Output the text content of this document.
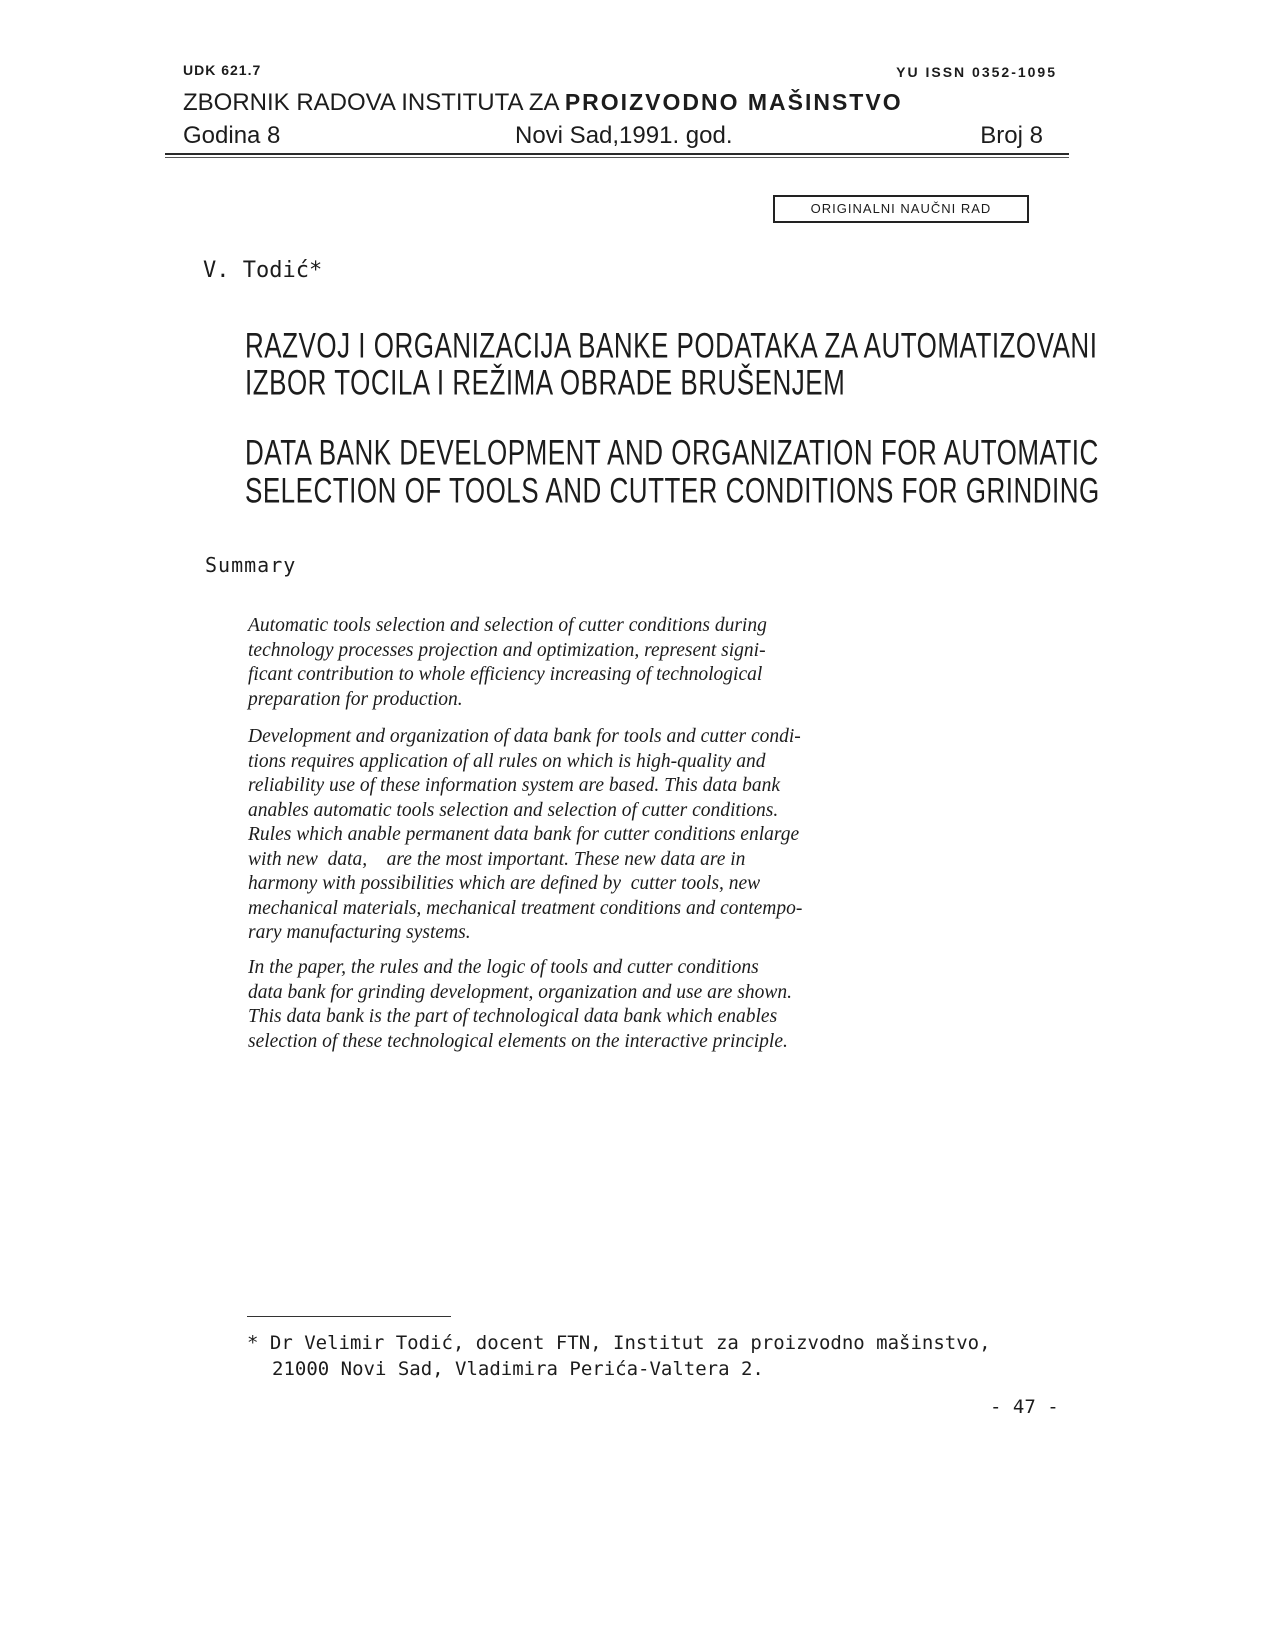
UDK 621.7	YU ISSN 0352-1095
ZBORNIK RADOVA INSTITUTA ZA PROIZVODNO MAŠINSTVO
Godina 8	Novi Sad,1991. god.	Broj 8
ORIGINALNI NAUČNI RAD
V. Todić*
RAZVOJ I ORGANIZACIJA BANKE PODATAKA ZA AUTOMATIZOVANI
IZBOR TOCILA I REŽIMA OBRADE BRUŠENJEM
DATA BANK DEVELOPMENT AND ORGANIZATION FOR AUTOMATIC
SELECTION OF TOOLS AND CUTTER CONDITIONS FOR GRINDING
Summary
Automatic tools selection and selection of cutter conditions during
technology processes projection and optimization, represent signi-
ficant contribution to whole efficiency increasing of technological
preparation for production.
Development and organization of data bank for tools and cutter condi-
tions requires application of all rules on which is high-quality and
reliability use of these information system are based. This data bank
anables automatic tools selection and selection of cutter conditions.
Rules which anable permanent data bank for cutter conditions enlarge
with new  data,    are the most important. These new data are in
harmony with possibilities which are defined by  cutter tools, new
mechanical materials, mechanical treatment conditions and contempo-
rary manufacturing systems.
In the paper, the rules and the logic of tools and cutter conditions
data bank for grinding development, organization and use are shown.
This data bank is the part of technological data bank which enables
selection of these technological elements on the interactive principle.
* Dr Velimir Todić, docent FTN, Institut za proizvodno mašinstvo,
21000 Novi Sad, Vladimira Perića-Valtera 2.
- 47 -
